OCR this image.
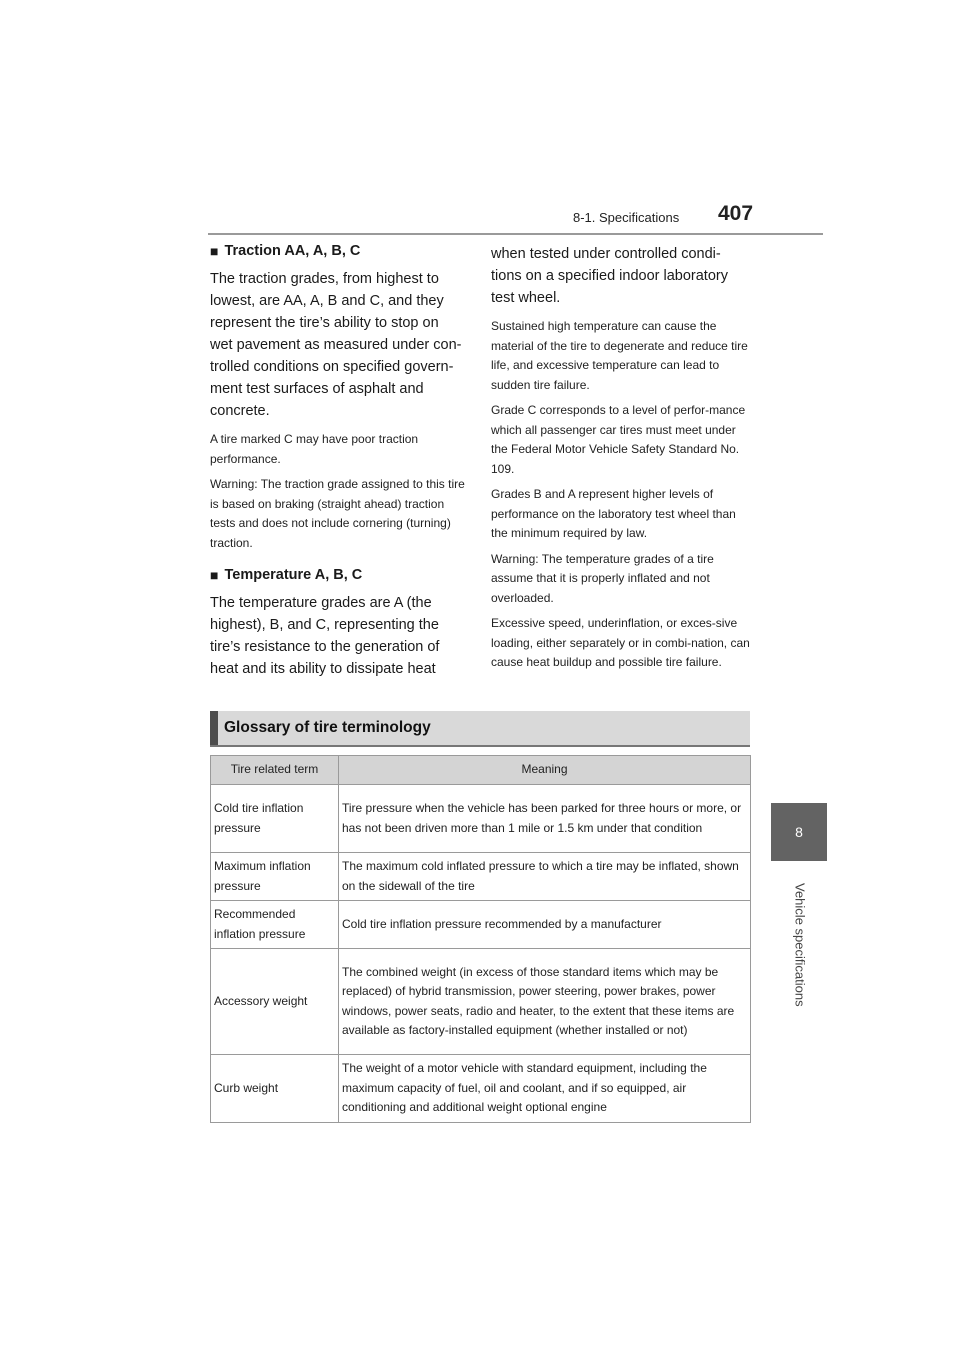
8-1. Specifications 407
8
Vehicle specifications
■ Traction AA, A, B, C

The traction grades, from highest to lowest, are AA, A, B and C, and they represent the tire’s ability to stop on wet pavement as measured under con-trolled conditions on specified govern-ment test surfaces of asphalt and concrete.

A tire marked C may have poor traction performance.

Warning: The traction grade assigned to this tire is based on braking (straight ahead) traction tests and does not include cornering (turning) traction.

■ Temperature A, B, C

The temperature grades are A (the highest), B, and C, representing the tire’s resistance to the generation of heat and its ability to dissipate heat

when tested under controlled condi-tions on a specified indoor laboratory test wheel.

Sustained high temperature can cause the material of the tire to degenerate and reduce tire life, and excessive temperature can lead to sudden tire failure.

Grade C corresponds to a level of perfor-mance which all passenger car tires must meet under the Federal Motor Vehicle Safety Standard No. 109.

Grades B and A represent higher levels of performance on the laboratory test wheel than the minimum required by law.

Warning: The temperature grades of a tire assume that it is properly inflated and not overloaded.

Excessive speed, underinflation, or exces-sive loading, either separately or in combi-nation, can cause heat buildup and possible tire failure.

Glossary of tire terminology
Tire related term	Meaning
Cold tire inflation pressure	Tire pressure when the vehicle has been parked for three hours or more, or has not been driven more than 1 mile or 1.5 km under that condition
Maximum inflation pressure	The maximum cold inflated pressure to which a tire may be inflated, shown on the sidewall of the tire
Recommended inflation pressure	Cold tire inflation pressure recommended by a manufacturer
Accessory weight	The combined weight (in excess of those standard items which may be replaced) of hybrid transmission, power steering, power brakes, power windows, power seats, radio and heater, to the extent that these items are available as factory-installed equipment (whether installed or not)
Curb weight	The weight of a motor vehicle with standard equipment, including the maximum capacity of fuel, oil and coolant, and if so equipped, air conditioning and additional weight optional engine
